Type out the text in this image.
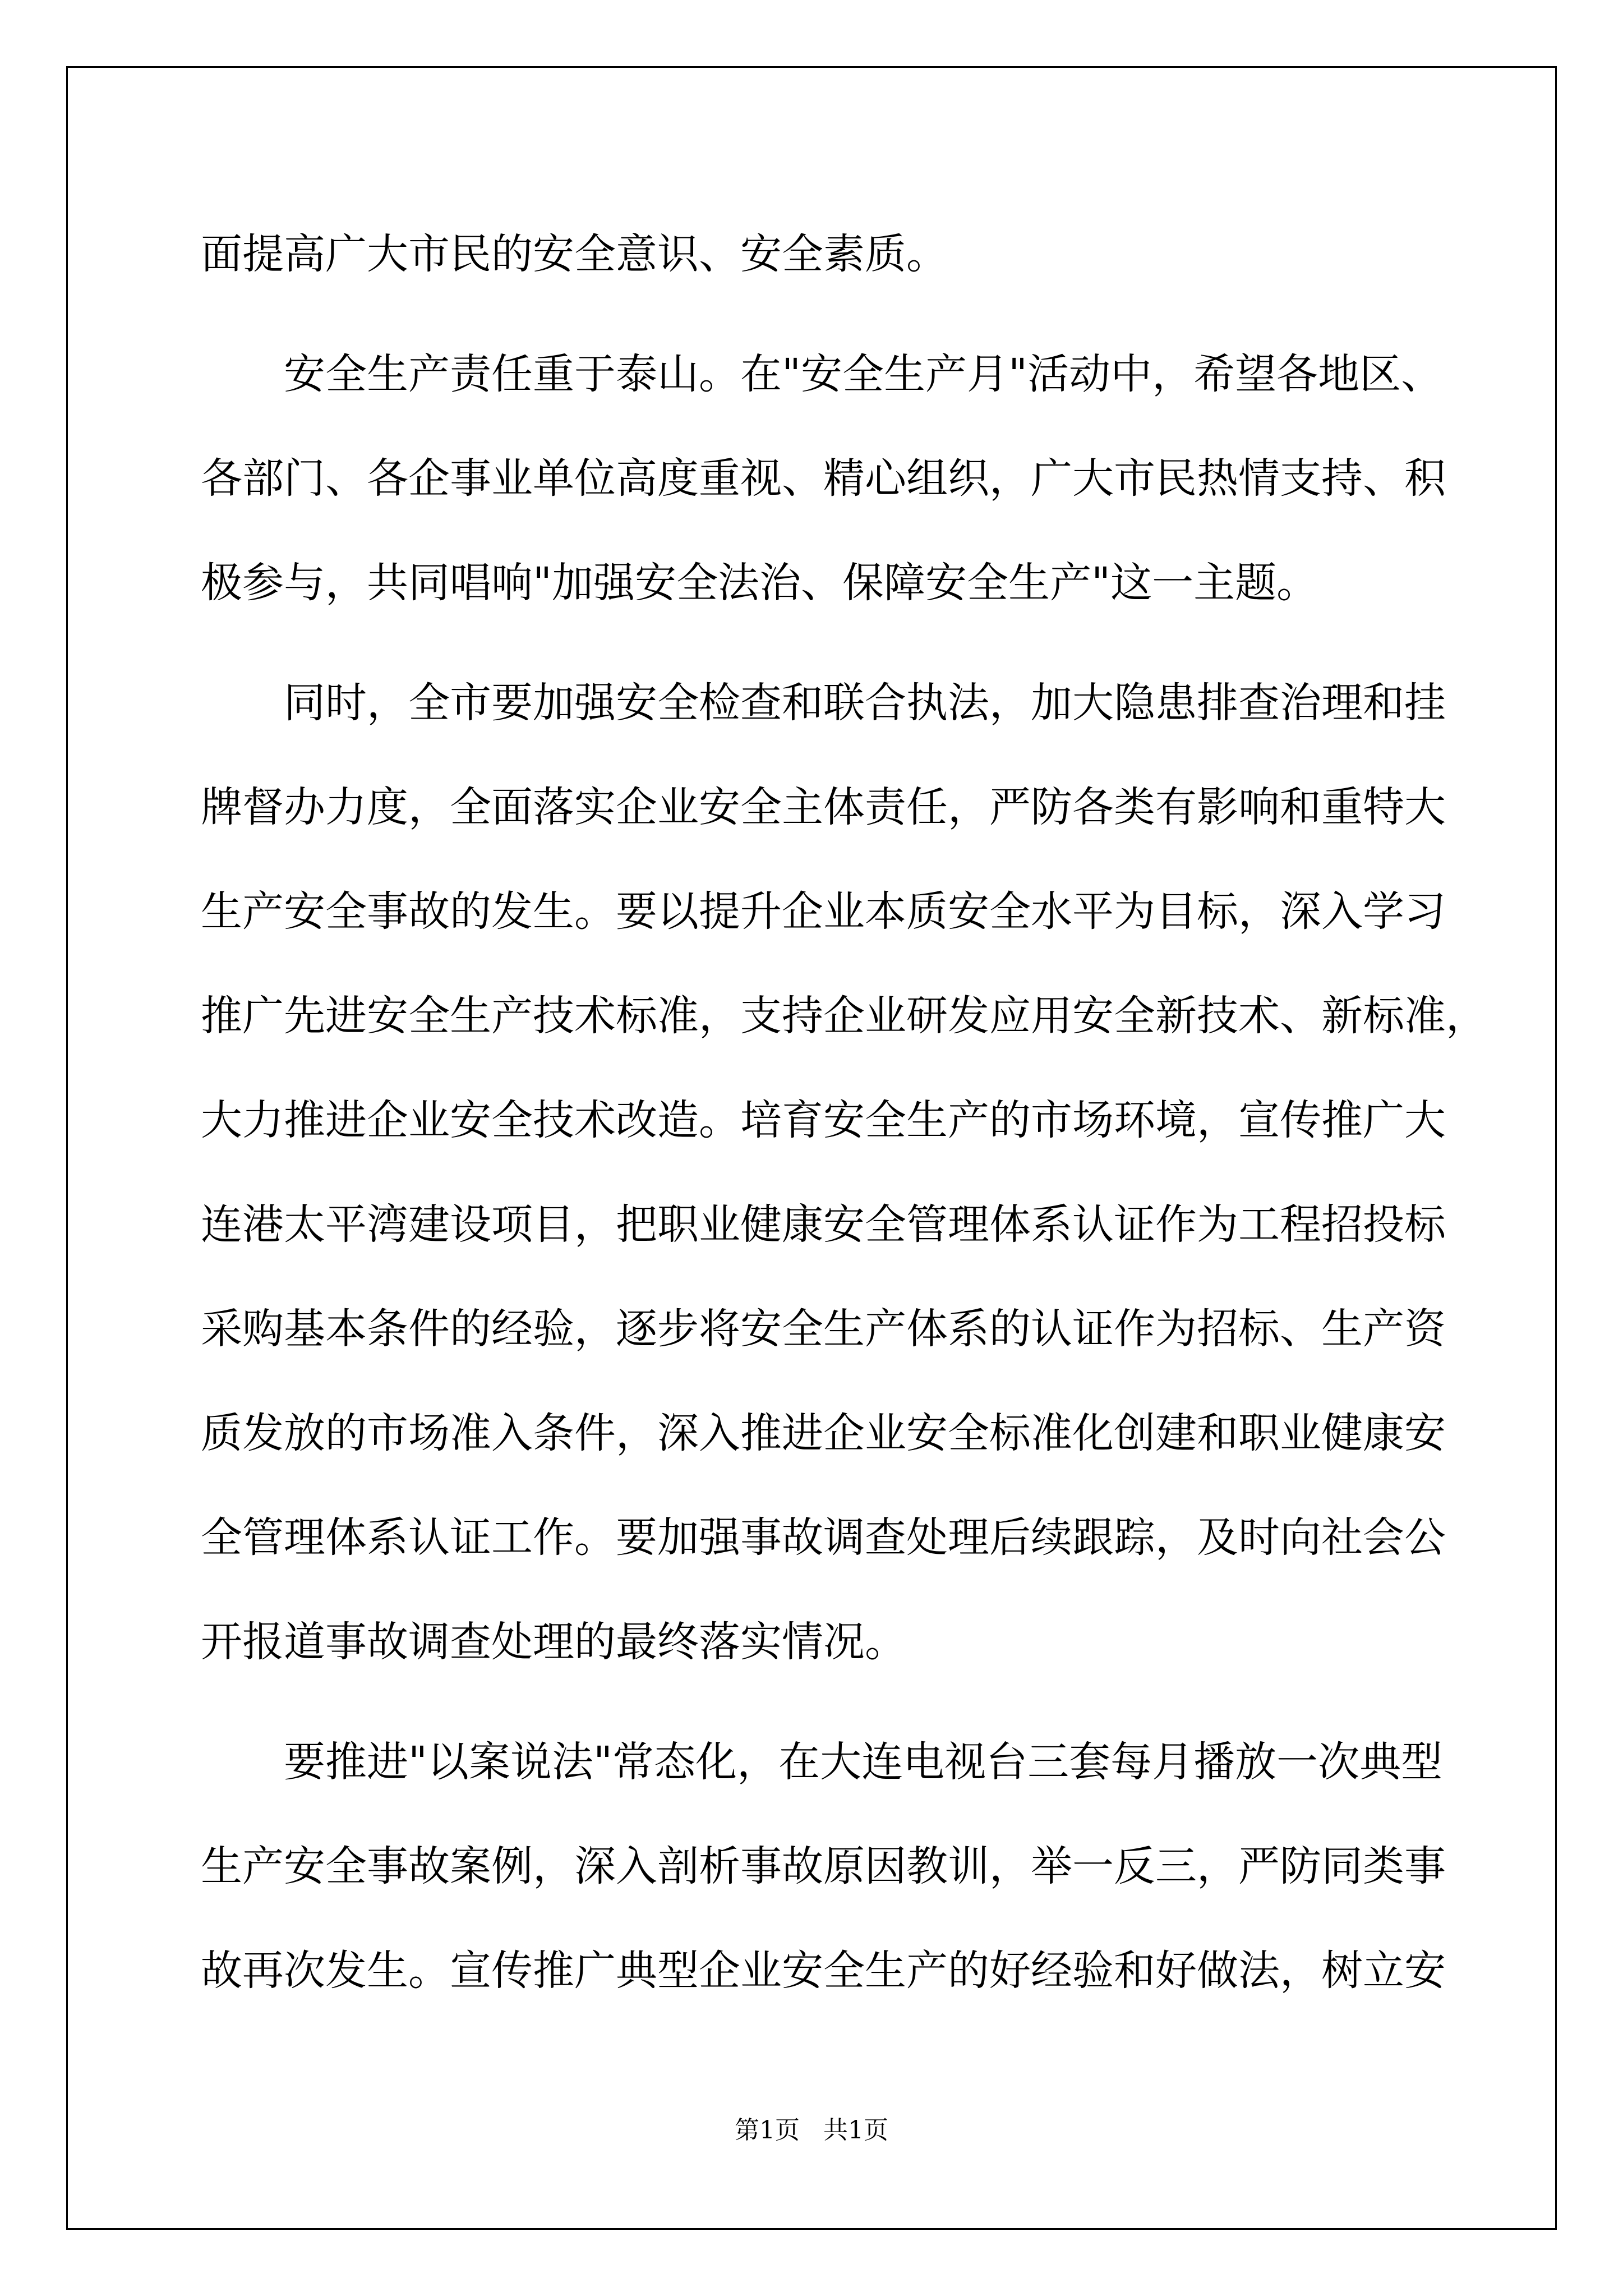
面提高广大市民的安全意识、安全素质。
安全生产责任重于泰山。在"安全生产月"活动中，希望各地区、
各部门、各企事业单位高度重视、精心组织，广大市民热情支持、积
极参与，共同唱响"加强安全法治、保障安全生产"这一主题。
同时，全市要加强安全检查和联合执法，加大隐患排查治理和挂
牌督办力度，全面落实企业安全主体责任，严防各类有影响和重特大
生产安全事故的发生。要以提升企业本质安全水平为目标，深入学习
推广先进安全生产技术标准，支持企业研发应用安全新技术、新标准，
大力推进企业安全技术改造。培育安全生产的市场环境，宣传推广大
连港太平湾建设项目，把职业健康安全管理体系认证作为工程招投标
采购基本条件的经验，逐步将安全生产体系的认证作为招标、生产资
质发放的市场准入条件，深入推进企业安全标准化创建和职业健康安
全管理体系认证工作。要加强事故调查处理后续跟踪，及时向社会公
开报道事故调查处理的最终落实情况。
要推进"以案说法"常态化，在大连电视台三套每月播放一次典型
生产安全事故案例，深入剖析事故原因教训，举一反三，严防同类事
故再次发生。宣传推广典型企业安全生产的好经验和好做法，树立安
第1页   共1页
